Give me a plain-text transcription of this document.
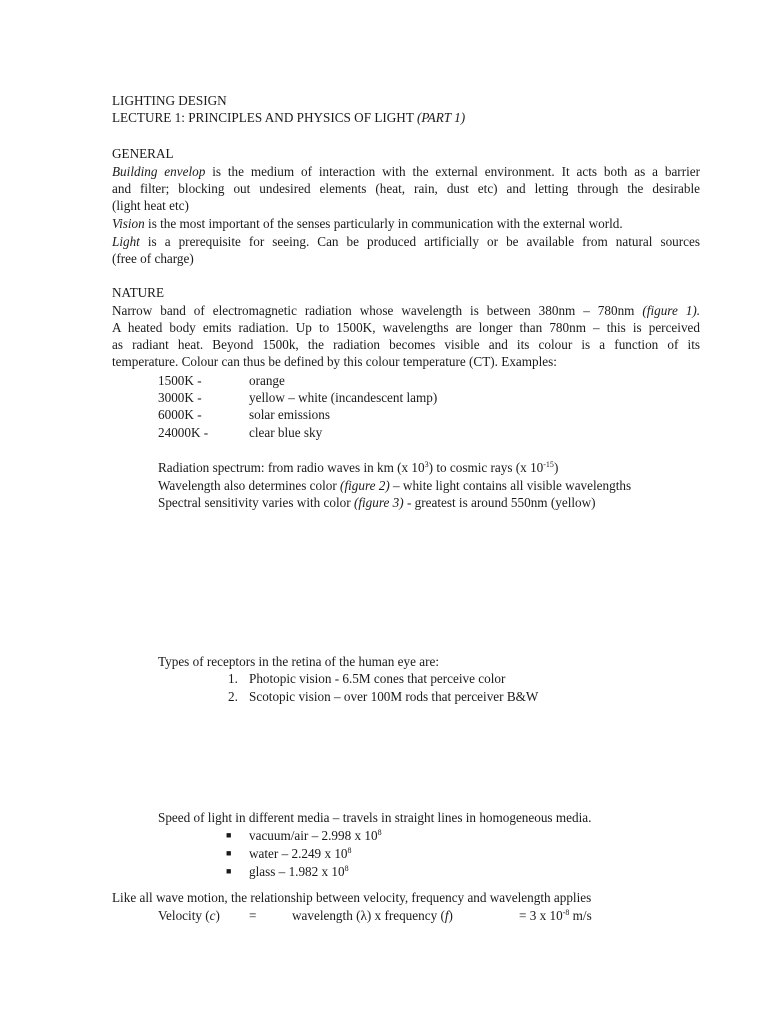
LIGHTING DESIGN
LECTURE 1: PRINCIPLES AND PHYSICS OF LIGHT (PART 1)
GENERAL
Building envelop is the medium of interaction with the external environment. It acts both as a barrier
and filter; blocking out undesired elements (heat, rain, dust etc) and letting through the desirable
(light heat etc)
Vision is the most important of the senses particularly in communication with the external world.
Light is a prerequisite for seeing. Can be produced artificially or be available from natural sources
(free of charge)
NATURE
Narrow band of electromagnetic radiation whose wavelength is between 380nm – 780nm (figure 1).
A heated body emits radiation. Up to 1500K, wavelengths are longer than 780nm – this is perceived
as radiant heat. Beyond 1500k, the radiation becomes visible and its colour is a function of its
temperature. Colour can thus be defined by this colour temperature (CT). Examples:
1500K -	orange
3000K -	yellow – white (incandescent lamp)
6000K -	solar emissions
24000K -	clear blue sky
Radiation spectrum: from radio waves in km (x $10^3$) to cosmic rays (x $10^{-15}$)
Wavelength also determines color (figure 2) – white light contains all visible wavelengths
Spectral sensitivity varies with color (figure 3) - greatest is around 550nm (yellow)
Types of receptors in the retina of the human eye are:
1. Photopic vision - 6.5M cones that perceive color
2. Scotopic vision – over 100M rods that perceiver B&W
Speed of light in different media – travels in straight lines in homogeneous media.
■ vacuum/air – 2.998 x $10^8$
■ water – 2.249 x $10^8$
■ glass – 1.982 x $10^8$
Like all wave motion, the relationship between velocity, frequency and wavelength applies
Velocity (c) =	wavelength (λ) x frequency (f)	= 3 x $10^{-8}$ m/s
